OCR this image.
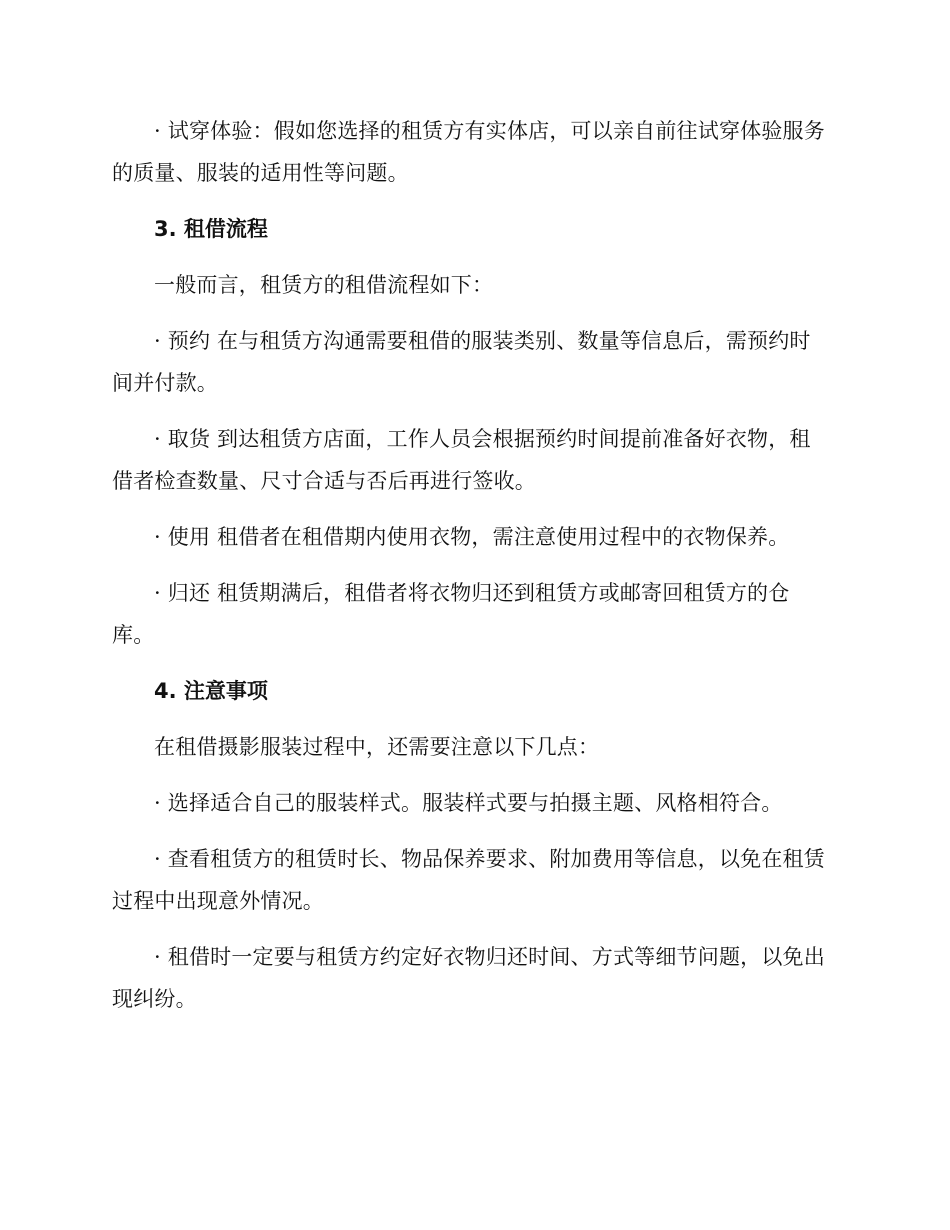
· 试穿体验：假如您选择的租赁方有实体店，可以亲自前往试穿体验服务的质量、服装的适用性等问题。

3. 租借流程

一般而言，租赁方的租借流程如下：

· 预约 在与租赁方沟通需要租借的服装类别、数量等信息后，需预约时间并付款。

· 取货 到达租赁方店面，工作人员会根据预约时间提前准备好衣物，租借者检查数量、尺寸合适与否后再进行签收。

· 使用 租借者在租借期内使用衣物，需注意使用过程中的衣物保养。

· 归还 租赁期满后，租借者将衣物归还到租赁方或邮寄回租赁方的仓库。

4. 注意事项

在租借摄影服装过程中，还需要注意以下几点：

· 选择适合自己的服装样式。服装样式要与拍摄主题、风格相符合。

· 查看租赁方的租赁时长、物品保养要求、附加费用等信息，以免在租赁过程中出现意外情况。

· 租借时一定要与租赁方约定好衣物归还时间、方式等细节问题，以免出现纠纷。
